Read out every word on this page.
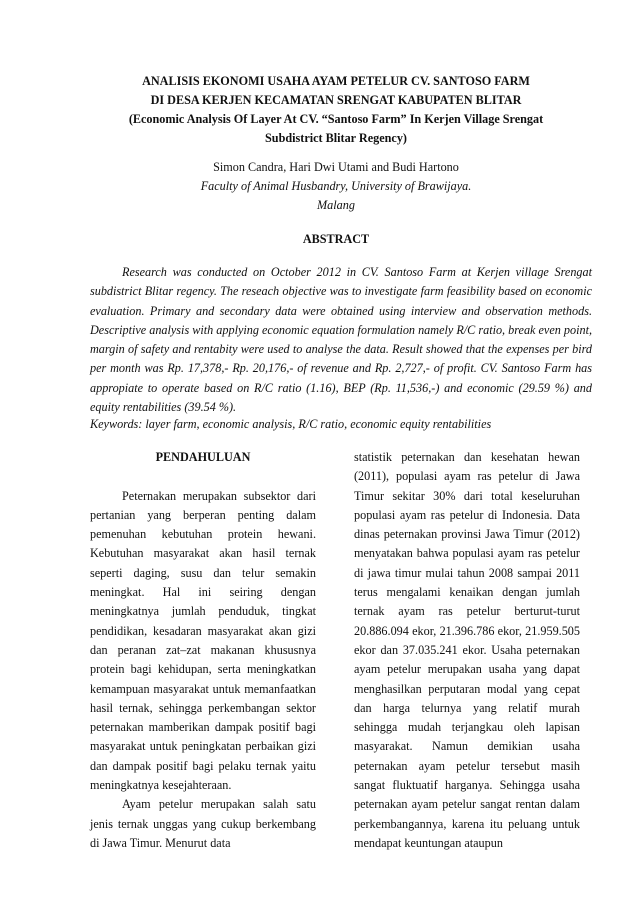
ANALISIS EKONOMI USAHA AYAM PETELUR CV. SANTOSO FARM
DI DESA KERJEN KECAMATAN SRENGAT KABUPATEN BLITAR
(Economic Analysis Of Layer At CV. “Santoso Farm” In Kerjen Village Srengat
Subdistrict Blitar Regency)
Simon Candra, Hari Dwi Utami and Budi Hartono
Faculty of Animal Husbandry, University of Brawijaya.
Malang
ABSTRACT

Research was conducted on October 2012 in CV. Santoso Farm at Kerjen village Srengat subdistrict Blitar regency. The reseach objective was to investigate farm feasibility based on economic evaluation. Primary and secondary data were obtained using interview and observation methods. Descriptive analysis with applying economic equation formulation namely R/C ratio, break even point, margin of safety and rentabity were used to analyse the data. Result showed that the expenses per bird per month was Rp. 17,378,- Rp. 20,176,- of revenue and Rp. 2,727,- of profit. CV. Santoso Farm has appropiate to operate based on R/C ratio (1.16), BEP (Rp. 11,536,-) and economic (29.59 %) and equity rentabilities (39.54 %).

Keywords: layer farm, economic analysis, R/C ratio, economic equity rentabilities
PENDAHULUAN

Peternakan merupakan subsektor dari pertanian yang berperan penting dalam pemenuhan kebutuhan protein hewani. Kebutuhan masyarakat akan hasil ternak seperti daging, susu dan telur semakin meningkat. Hal ini seiring dengan meningkatnya jumlah penduduk, tingkat pendidikan, kesadaran masyarakat akan gizi dan peranan zat–zat makanan khususnya protein bagi kehidupan, serta meningkatkan kemampuan masyarakat untuk memanfaatkan hasil ternak, sehingga perkembangan sektor peternakan mamberikan dampak positif bagi masyarakat untuk peningkatan perbaikan gizi dan dampak positif bagi pelaku ternak yaitu meningkatnya kesejahteraan.

Ayam petelur merupakan salah satu jenis ternak unggas yang cukup berkembang di Jawa Timur. Menurut data

statistik peternakan dan kesehatan hewan (2011), populasi ayam ras petelur di Jawa Timur sekitar 30% dari total keseluruhan populasi ayam ras petelur di Indonesia. Data dinas peternakan provinsi Jawa Timur (2012) menyatakan bahwa populasi ayam ras petelur di jawa timur mulai tahun 2008 sampai 2011 terus mengalami kenaikan dengan jumlah ternak ayam ras petelur berturut-turut 20.886.094 ekor, 21.396.786 ekor, 21.959.505 ekor dan 37.035.241 ekor. Usaha peternakan ayam petelur merupakan usaha yang dapat menghasilkan perputaran modal yang cepat dan harga telurnya yang relatif murah sehingga mudah terjangkau oleh lapisan masyarakat. Namun demikian usaha peternakan ayam petelur tersebut masih sangat fluktuatif harganya. Sehingga usaha peternakan ayam petelur sangat rentan dalam perkembangannya, karena itu peluang untuk mendapat keuntungan ataupun
